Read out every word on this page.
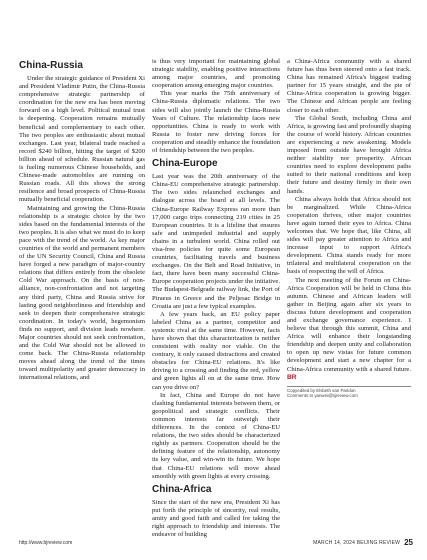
China-Russia

Under the strategic guidance of President Xi and President Vladimir Putin, the China-Russia comprehensive strategic partnership of coordination for the new era has been moving forward on a high level. Political mutual trust is deepening. Cooperation remains mutually beneficial and complementary to each other. The two peoples are enthusiastic about mutual exchanges. Last year, bilateral trade reached a record $240 billion, hitting the target of $200 billion ahead of schedule. Russian natural gas is fueling numerous Chinese households, and Chinese-made automobiles are running on Russian roads. All this shows the strong resilience and broad prospects of China-Russia mutually beneficial cooperation.

Maintaining and growing the China-Russia relationship is a strategic choice by the two sides based on the fundamental interests of the two peoples. It is also what we must do to keep pace with the trend of the world. As key major countries of the world and permanent members of the UN Security Council, China and Russia have forged a new paradigm of major-country relations that differs entirely from the obsolete Cold War approach. On the basis of non-alliance, non-confrontation and not targeting any third party, China and Russia strive for lasting good neighborliness and friendship and seek to deepen their comprehensive strategic coordination. In today's world, hegemonism finds no support, and division leads nowhere. Major countries should not seek confrontation, and the Cold War should not be allowed to come back. The China-Russia relationship moves ahead along the trend of the times toward multipolarity and greater democracy in international relations, and

is thus very important for maintaining global strategic stability, enabling positive interactions among major countries, and promoting cooperation among emerging major countries.

This year marks the 75th anniversary of China-Russia diplomatic relations. The two sides will also jointly launch the China-Russia Years of Culture. The relationship faces new opportunities. China is ready to work with Russia to foster new driving forces for cooperation and steadily enhance the foundation of friendship between the two peoples.

China-Europe

Last year was the 20th anniversary of the China-EU comprehensive strategic partnership. The two sides relaunched exchanges and dialogue across the board at all levels. The China-Europe Railway Express ran more than 17,000 cargo trips connecting 219 cities in 25 European countries. It is a lifeline that ensures safe and unimpeded industrial and supply chains in a turbulent world. China rolled out visa-free policies for quite some European countries, facilitating travels and business exchanges. On the Belt and Road Initiative, in fact, there have been many successful China-Europe cooperation projects under the initiative. The Budapest-Belgrade railway link, the Port of Piraeus in Greece and the Peljesac Bridge in Croatia are just a few typical examples.

A few years back, an EU policy paper labeled China as a partner, competitor and systemic rival at the same time. However, facts have shown that this characterization is neither consistent with reality nor viable. On the contrary, it only caused distractions and created obstacles for China-EU relations. It's like driving to a crossing and finding the red, yellow and green lights all on at the same time. How can you drive on?

In fact, China and Europe do not have clashing fundamental interests between them, or geopolitical and strategic conflicts. Their common interests far outweigh their differences. In the context of China-EU relations, the two sides should be characterized rightly as partners. Cooperation should be the defining feature of the relationship, autonomy its key value, and win-win its future. We hope that China-EU relations will move ahead smoothly with green lights at every crossing.

China-Africa

Since the start of the new era, President Xi has put forth the principle of sincerity, real results, amity and good faith and called for taking the right approach to friendship and interests. The endeavor of building

a China-Africa community with a shared future has thus been steered onto a fast track. China has remained Africa's biggest trading partner for 15 years straight, and the pie of China-Africa cooperation is growing bigger. The Chinese and African people are feeling closer to each other.

The Global South, including China and Africa, is growing fast and profoundly shaping the course of world history. African countries are experiencing a new awakening. Models imposed from outside have brought Africa neither stability nor prosperity. African countries need to explore development paths suited to their national conditions and keep their future and destiny firmly in their own hands.

China always holds that Africa should not be marginalized. While China-Africa cooperation thrives, other major countries have again turned their eyes to Africa. China welcomes that. We hope that, like China, all sides will pay greater attention to Africa and increase input to support Africa's development. China stands ready for more trilateral and multilateral cooperation on the basis of respecting the will of Africa.

The next meeting of the Forum on China-Africa Cooperation will be held in China this autumn. Chinese and African leaders will gather in Beijing again after six years to discuss future development and cooperation and exchange governance experience. I believe that through this summit, China and Africa will enhance their longstanding friendship and deepen unity and collaboration to open up new vistas for future common development and start a new chapter for a China-Africa community with a shared future. BR

Copyedited by Elsbeth van Paridon
Comments to yanwei@bjreview.com
http://www.bjreview.com	MARCH 14, 2024 BEIJING REVIEW 25
